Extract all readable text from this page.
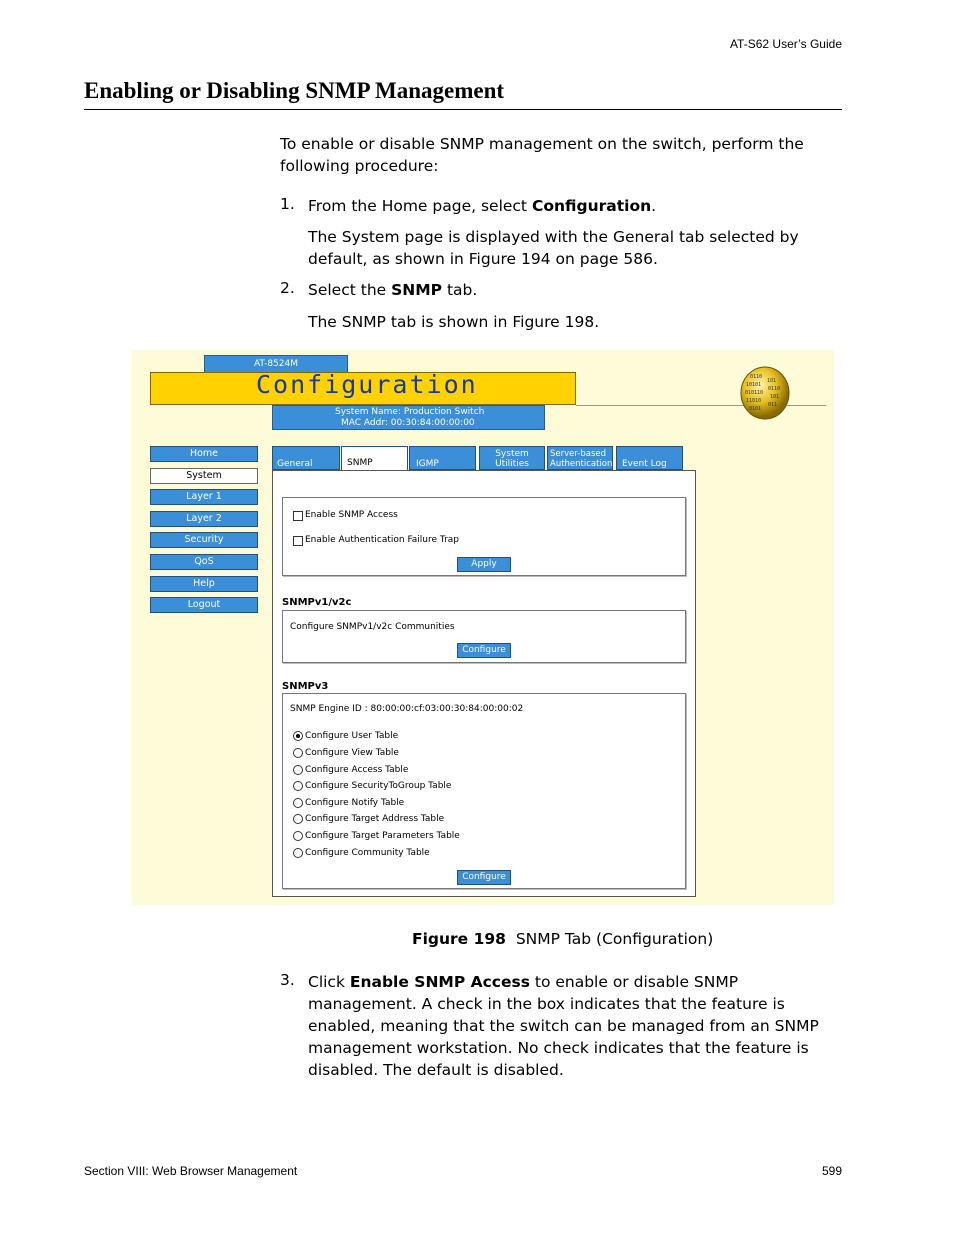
AT-S62 User’s Guide
Enabling or Disabling SNMP Management
To enable or disable SNMP management on the switch, perform the following procedure:
1. From the Home page, select Configuration.
The System page is displayed with the General tab selected by default, as shown in Figure 194 on page 586.
2. Select the SNMP tab.
The SNMP tab is shown in Figure 198.
AT-8524M
Configuration
System Name: Production Switch
MAC Addr: 00:30:84:00:00:00
0110
10101
010110
11010
0101
101
0110
101
011
Home
System
Layer 1
Layer 2
Security
QoS
Help
Logout
General	SNMP	IGMP
System Utilities
Server-based Authentication	Event Log
Enable SNMP Access
Enable Authentication Failure Trap
Apply
SNMPv1/v2c
Configure SNMPv1/v2c Communities
Configure
SNMPv3
SNMP Engine ID : 80:00:00:cf:03:00:30:84:00:00:02
Configure User Table
Configure View Table
Configure Access Table
Configure SecurityToGroup Table
Configure Notify Table
Configure Target Address Table
Configure Target Parameters Table
Configure Community Table
Configure
Figure 198 SNMP Tab (Configuration)
3. Click Enable SNMP Access to enable or disable SNMP management. A check in the box indicates that the feature is enabled, meaning that the switch can be managed from an SNMP management workstation. No check indicates that the feature is disabled. The default is disabled.
Section VIII: Web Browser Management	599
